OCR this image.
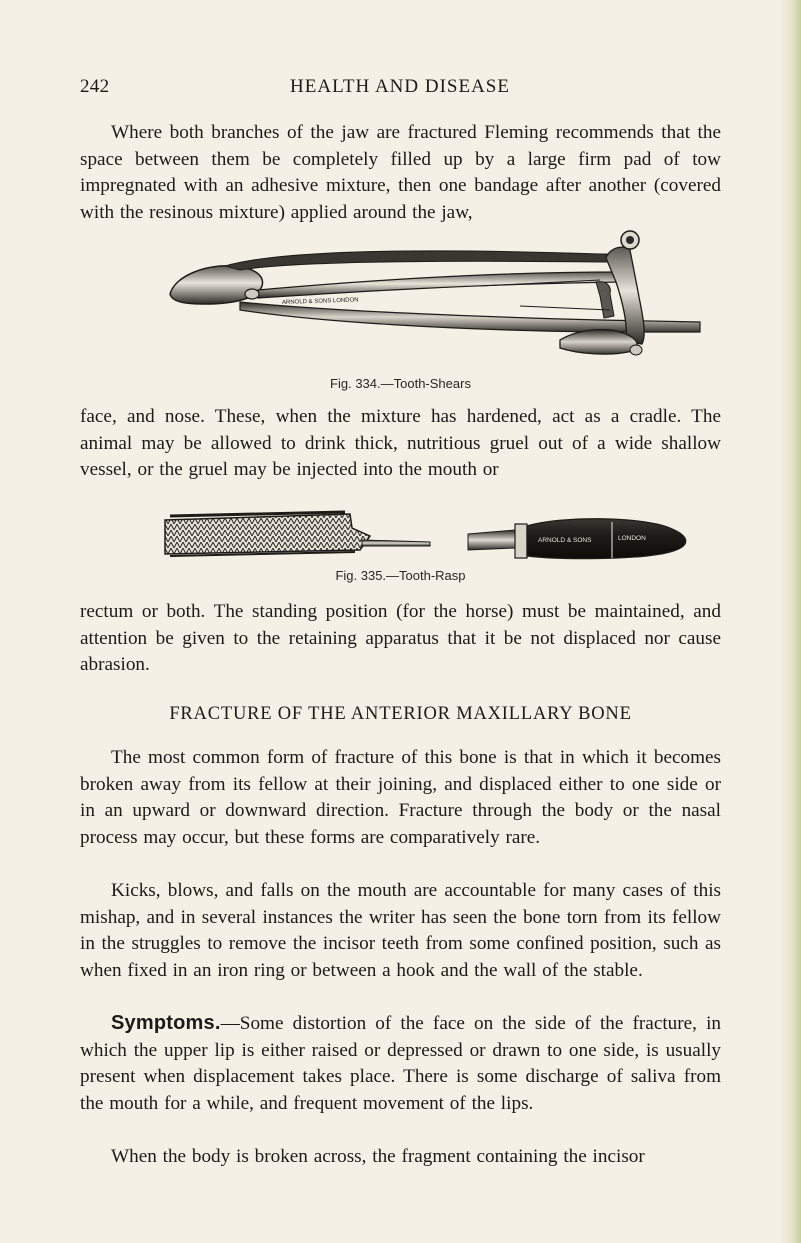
242	HEALTH AND DISEASE

Where both branches of the jaw are fractured Fleming recommends that the space between them be completely filled up by a large firm pad of tow impregnated with an adhesive mixture, then one bandage after another (covered with the resinous mixture) applied around the jaw,

ARNOLD & SONS LONDON
Fig. 334.—Tooth-Shears

face, and nose. These, when the mixture has hardened, act as a cradle. The animal may be allowed to drink thick, nutritious gruel out of a wide shallow vessel, or the gruel may be injected into the mouth or

ARNOLD & SONS	LONDON
Fig. 335.—Tooth-Rasp

rectum or both. The standing position (for the horse) must be maintained, and attention be given to the retaining apparatus that it be not displaced nor cause abrasion.

FRACTURE OF THE ANTERIOR MAXILLARY BONE

The most common form of fracture of this bone is that in which it becomes broken away from its fellow at their joining, and displaced either to one side or in an upward or downward direction. Fracture through the body or the nasal process may occur, but these forms are comparatively rare.

Kicks, blows, and falls on the mouth are accountable for many cases of this mishap, and in several instances the writer has seen the bone torn from its fellow in the struggles to remove the incisor teeth from some confined position, such as when fixed in an iron ring or between a hook and the wall of the stable.

Symptoms.—Some distortion of the face on the side of the fracture, in which the upper lip is either raised or depressed or drawn to one side, is usually present when displacement takes place. There is some discharge of saliva from the mouth for a while, and frequent movement of the lips.

When the body is broken across, the fragment containing the incisor
